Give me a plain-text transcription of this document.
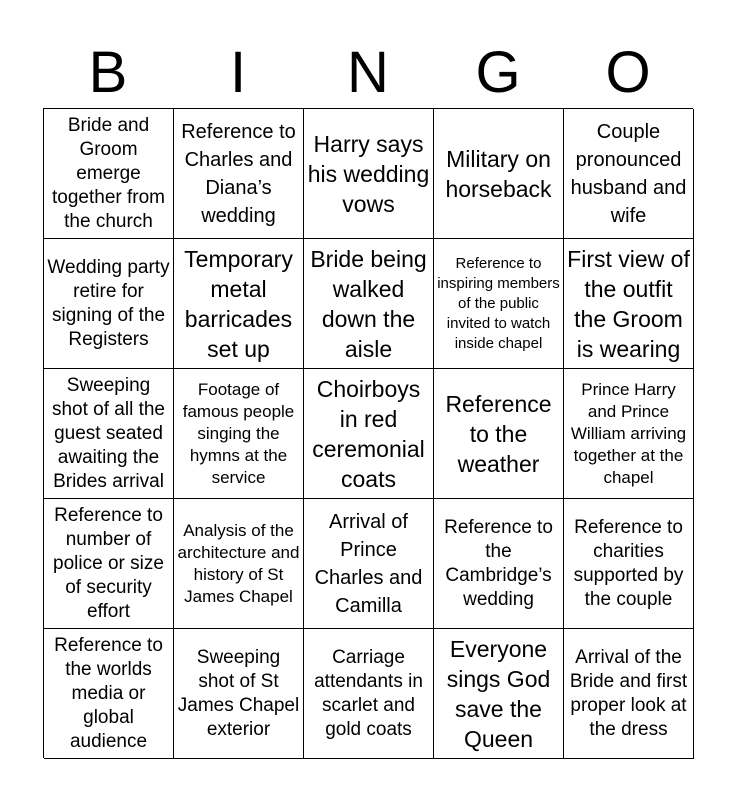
B	I	N	G	O
Bride and Groom emerge together from the church
Reference to Charles and Diana’s wedding
Harry says his wedding vows
Military on horseback
Couple pronounced husband and wife
Wedding party retire for signing of the Registers
Temporary metal barricades set up
Bride being walked down the aisle
Reference to inspiring members of the public invited to watch inside chapel
First view of the outfit the Groom is wearing
Sweeping shot of all the guest seated awaiting the Brides arrival
Footage of famous people singing the hymns at the service
Choirboys in red ceremonial coats
Reference to the weather
Prince Harry and Prince William arriving together at the chapel
Reference to number of police or size of security effort
Analysis of the architecture and history of St James Chapel
Arrival of Prince Charles and Camilla
Reference to the Cambridge’s wedding
Reference to charities supported by the couple
Reference to the worlds media or global audience
Sweeping shot of St James Chapel exterior
Carriage attendants in scarlet and gold coats
Everyone sings God save the Queen
Arrival of the Bride and first proper look at the dress
